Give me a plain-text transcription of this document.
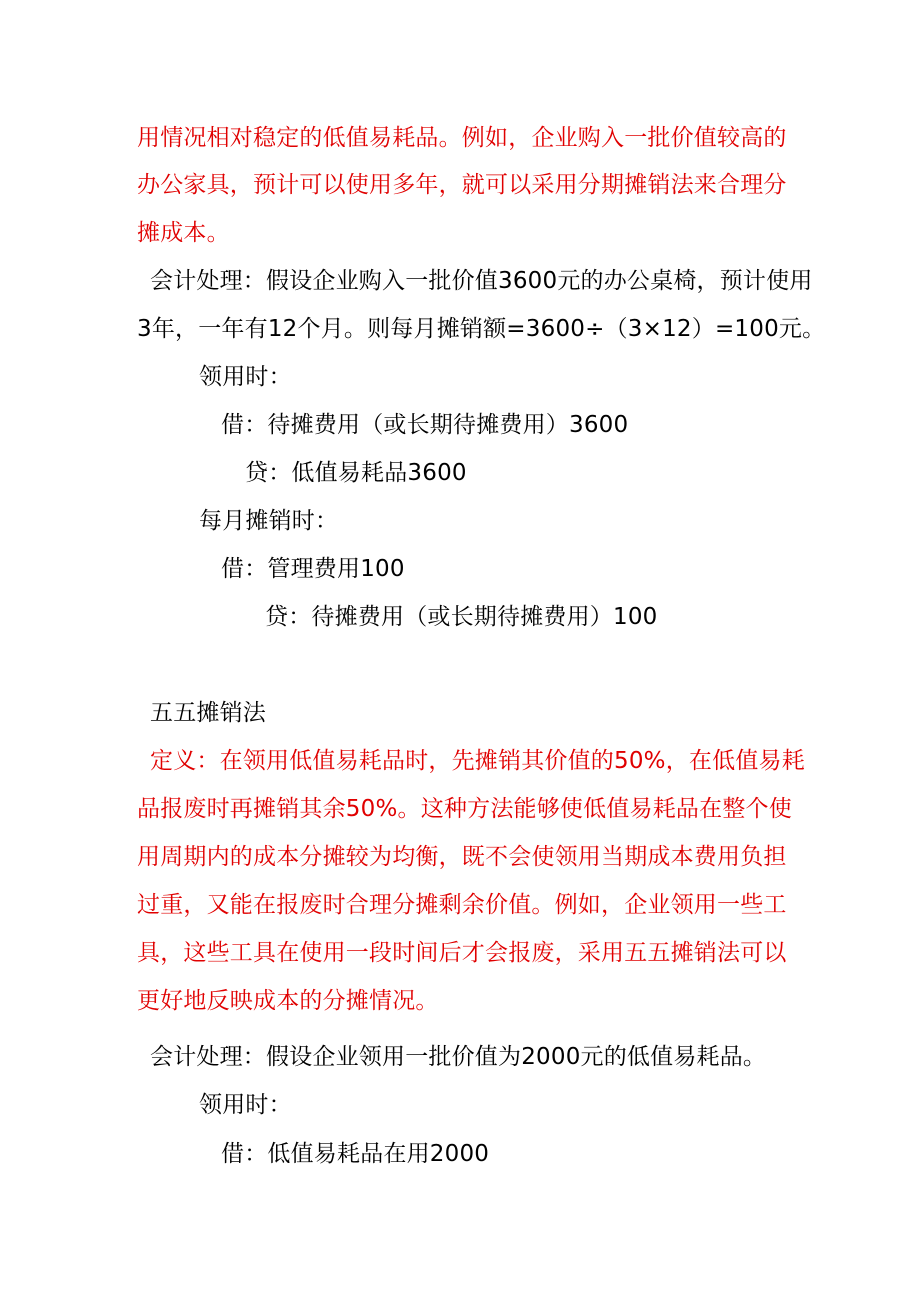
用情况相对稳定的低值易耗品。例如，企业购入一批价值较高的
办公家具，预计可以使用多年，就可以采用分期摊销法来合理分
摊成本。
会计处理：假设企业购入一批价值3600元的办公桌椅，预计使用
3年，一年有12个月。则每月摊销额=3600÷（3×12）=100元。
领用时：
借：待摊费用（或长期待摊费用）3600
贷：低值易耗品3600
每月摊销时：
借：管理费用100
贷：待摊费用（或长期待摊费用）100
五五摊销法
定义：在领用低值易耗品时，先摊销其价值的50%，在低值易耗
品报废时再摊销其余50%。这种方法能够使低值易耗品在整个使
用周期内的成本分摊较为均衡，既不会使领用当期成本费用负担
过重，又能在报废时合理分摊剩余价值。例如，企业领用一些工
具，这些工具在使用一段时间后才会报废，采用五五摊销法可以
更好地反映成本的分摊情况。
会计处理：假设企业领用一批价值为2000元的低值易耗品。
领用时：
借：低值易耗品在用2000
